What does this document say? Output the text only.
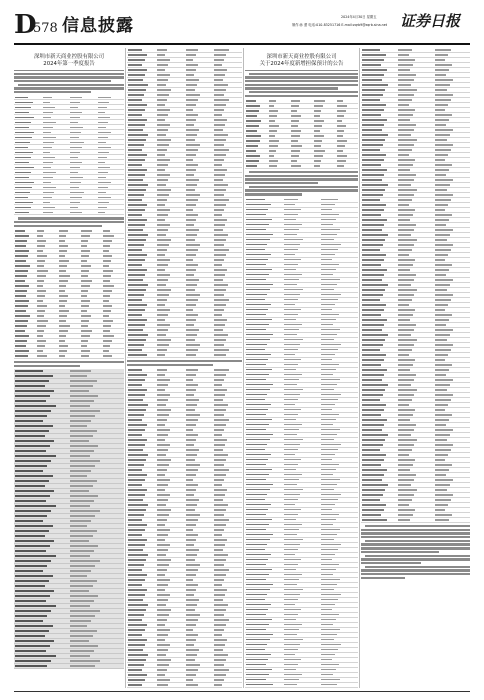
D
578 信息披露	2024年4月30日 星期五
制作:孙 蕾 电话:010-83251716 E-mail:zqrb9@zqrb.sina.net 证券日报
深圳市新天商业控股有限公司
2024年第一季度报告
深圳市新天商业控股有限公司
关于2024年度新增担保预计的公告
